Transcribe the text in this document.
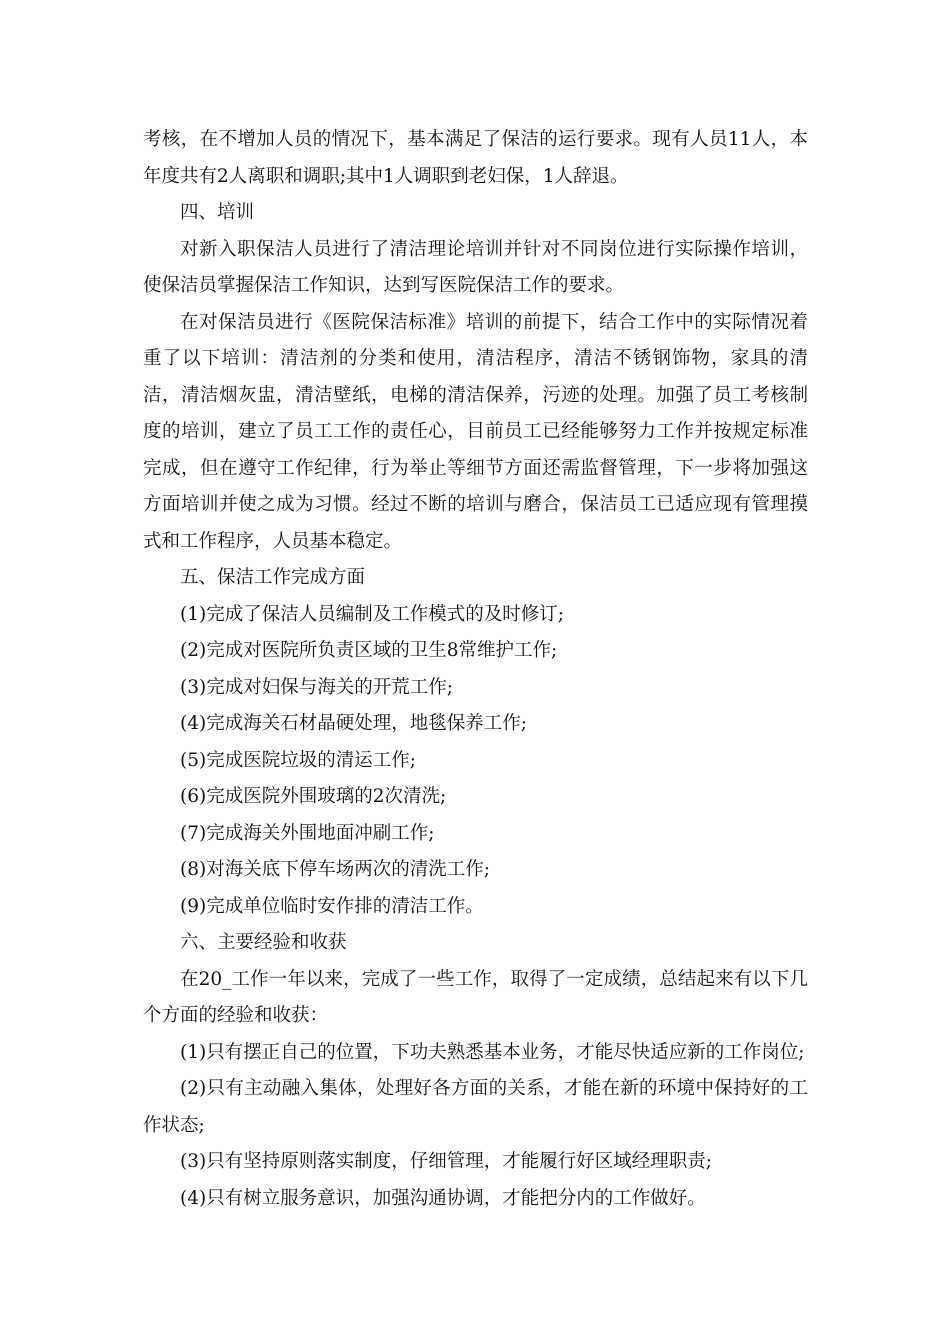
考核，在不增加人员的情况下，基本满足了保洁的运行要求。现有人员11人，本年度共有2人离职和调职;其中1人调职到老妇保，1人辞退。

四、培训

对新入职保洁人员进行了清洁理论培训并针对不同岗位进行实际操作培训，使保洁员掌握保洁工作知识，达到写医院保洁工作的要求。

在对保洁员进行《医院保洁标准》培训的前提下，结合工作中的实际情况着重了以下培训：清洁剂的分类和使用，清洁程序，清洁不锈钢饰物，家具的清洁，清洁烟灰盅，清洁壁纸，电梯的清洁保养，污迹的处理。加强了员工考核制度的培训，建立了员工工作的责任心，目前员工已经能够努力工作并按规定标准完成，但在遵守工作纪律，行为举止等细节方面还需监督管理，下一步将加强这方面培训并使之成为习惯。经过不断的培训与磨合，保洁员工已适应现有管理摸式和工作程序，人员基本稳定。

五、保洁工作完成方面

(1)完成了保洁人员编制及工作模式的及时修订;

(2)完成对医院所负责区域的卫生8常维护工作;

(3)完成对妇保与海关的开荒工作;

(4)完成海关石材晶硬处理，地毯保养工作;

(5)完成医院垃圾的清运工作;

(6)完成医院外围玻璃的2次清洗;

(7)完成海关外围地面冲刷工作;

(8)对海关底下停车场两次的清洗工作;

(9)完成单位临时安作排的清洁工作。

六、主要经验和收获

在20_工作一年以来，完成了一些工作，取得了一定成绩，总结起来有以下几个方面的经验和收获：

(1)只有摆正自己的位置，下功夫熟悉基本业务，才能尽快适应新的工作岗位;

(2)只有主动融入集体，处理好各方面的关系，才能在新的环境中保持好的工作状态;

(3)只有坚持原则落实制度，仔细管理，才能履行好区域经理职责;

(4)只有树立服务意识，加强沟通协调，才能把分内的工作做好。
